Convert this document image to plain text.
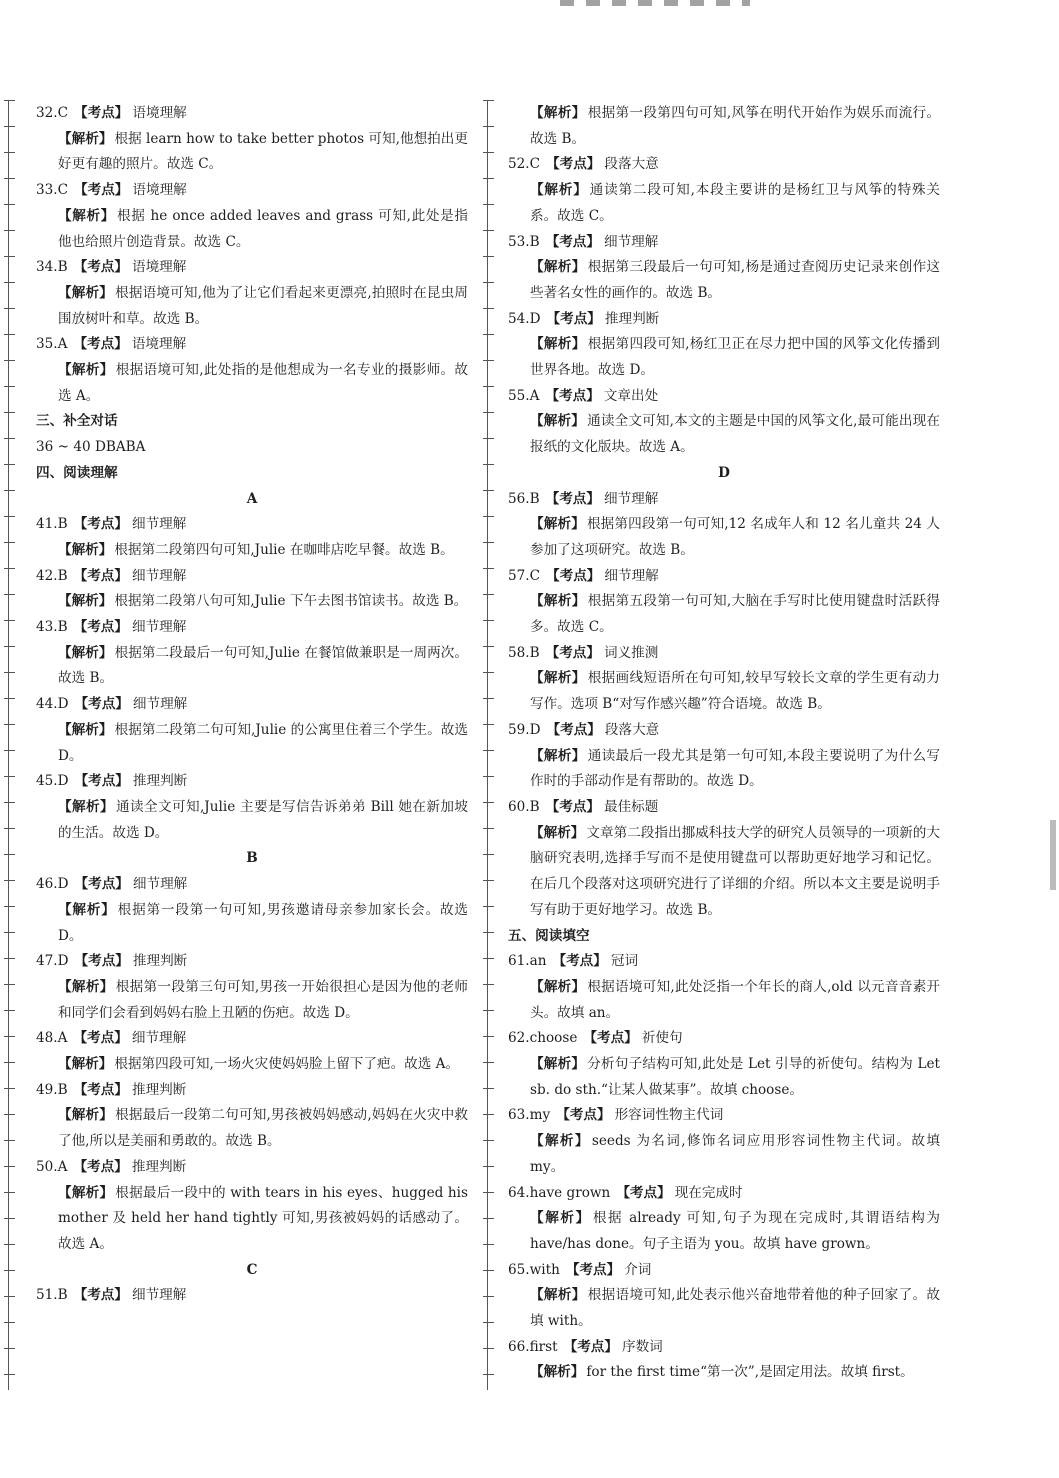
32.C 【考点】 语境理解
【解析】 根据 learn how to take better photos 可知,他想拍出更好更有趣的照片。故选 C。
33.C 【考点】 语境理解
【解析】 根据 he once added leaves and grass 可知,此处是指他也给照片创造背景。故选 C。
34.B 【考点】 语境理解
【解析】 根据语境可知,他为了让它们看起来更漂亮,拍照时在昆虫周围放树叶和草。故选 B。
35.A 【考点】 语境理解
【解析】 根据语境可知,此处指的是他想成为一名专业的摄影师。故选 A。
三、补全对话
36 ~ 40 DBABA
四、阅读理解
A
41.B 【考点】 细节理解
【解析】 根据第二段第四句可知,Julie 在咖啡店吃早餐。故选 B。
42.B 【考点】 细节理解
【解析】 根据第二段第八句可知,Julie 下午去图书馆读书。故选 B。
43.B 【考点】 细节理解
【解析】 根据第二段最后一句可知,Julie 在餐馆做兼职是一周两次。故选 B。
44.D 【考点】 细节理解
【解析】 根据第二段第二句可知,Julie 的公寓里住着三个学生。故选 D。
45.D 【考点】 推理判断
【解析】 通读全文可知,Julie 主要是写信告诉弟弟 Bill 她在新加坡的生活。故选 D。
B
46.D 【考点】 细节理解
【解析】 根据第一段第一句可知,男孩邀请母亲参加家长会。故选 D。
47.D 【考点】 推理判断
【解析】 根据第一段第三句可知,男孩一开始很担心是因为他的老师和同学们会看到妈妈右脸上丑陋的伤疤。故选 D。
48.A 【考点】 细节理解
【解析】 根据第四段可知,一场火灾使妈妈脸上留下了疤。故选 A。
49.B 【考点】 推理判断
【解析】 根据最后一段第二句可知,男孩被妈妈感动,妈妈在火灾中救了他,所以是美丽和勇敢的。故选 B。
50.A 【考点】 推理判断
【解析】 根据最后一段中的 with tears in his eyes、hugged his mother 及 held her hand tightly 可知,男孩被妈妈的话感动了。故选 A。
C
51.B 【考点】 细节理解
【解析】 根据第一段第四句可知,风筝在明代开始作为娱乐而流行。故选 B。
52.C 【考点】 段落大意
【解析】 通读第二段可知,本段主要讲的是杨红卫与风筝的特殊关系。故选 C。
53.B 【考点】 细节理解
【解析】 根据第三段最后一句可知,杨是通过查阅历史记录来创作这些著名女性的画作的。故选 B。
54.D 【考点】 推理判断
【解析】 根据第四段可知,杨红卫正在尽力把中国的风筝文化传播到世界各地。故选 D。
55.A 【考点】 文章出处
【解析】 通读全文可知,本文的主题是中国的风筝文化,最可能出现在报纸的文化版块。故选 A。
D
56.B 【考点】 细节理解
【解析】 根据第四段第一句可知,12 名成年人和 12 名儿童共 24 人参加了这项研究。故选 B。
57.C 【考点】 细节理解
【解析】 根据第五段第一句可知,大脑在手写时比使用键盘时活跃得多。故选 C。
58.B 【考点】 词义推测
【解析】 根据画线短语所在句可知,较早写较长文章的学生更有动力写作。选项 B“对写作感兴趣”符合语境。故选 B。
59.D 【考点】 段落大意
【解析】 通读最后一段尤其是第一句可知,本段主要说明了为什么写作时的手部动作是有帮助的。故选 D。
60.B 【考点】 最佳标题
【解析】 文章第二段指出挪威科技大学的研究人员领导的一项新的大脑研究表明,选择手写而不是使用键盘可以帮助更好地学习和记忆。在后几个段落对这项研究进行了详细的介绍。所以本文主要是说明手写有助于更好地学习。故选 B。
五、阅读填空
61.an 【考点】 冠词
【解析】 根据语境可知,此处泛指一个年长的商人,old 以元音音素开头。故填 an。
62.choose 【考点】 祈使句
【解析】 分析句子结构可知,此处是 Let 引导的祈使句。结构为 Let sb. do sth.“让某人做某事”。故填 choose。
63.my 【考点】 形容词性物主代词
【解析】 seeds 为名词,修饰名词应用形容词性物主代词。故填 my。
64.have grown 【考点】 现在完成时
【解析】 根据 already 可知,句子为现在完成时,其谓语结构为 have/has done。句子主语为 you。故填 have grown。
65.with 【考点】 介词
【解析】 根据语境可知,此处表示他兴奋地带着他的种子回家了。故填 with。
66.first 【考点】 序数词
【解析】 for the first time“第一次”,是固定用法。故填 first。
